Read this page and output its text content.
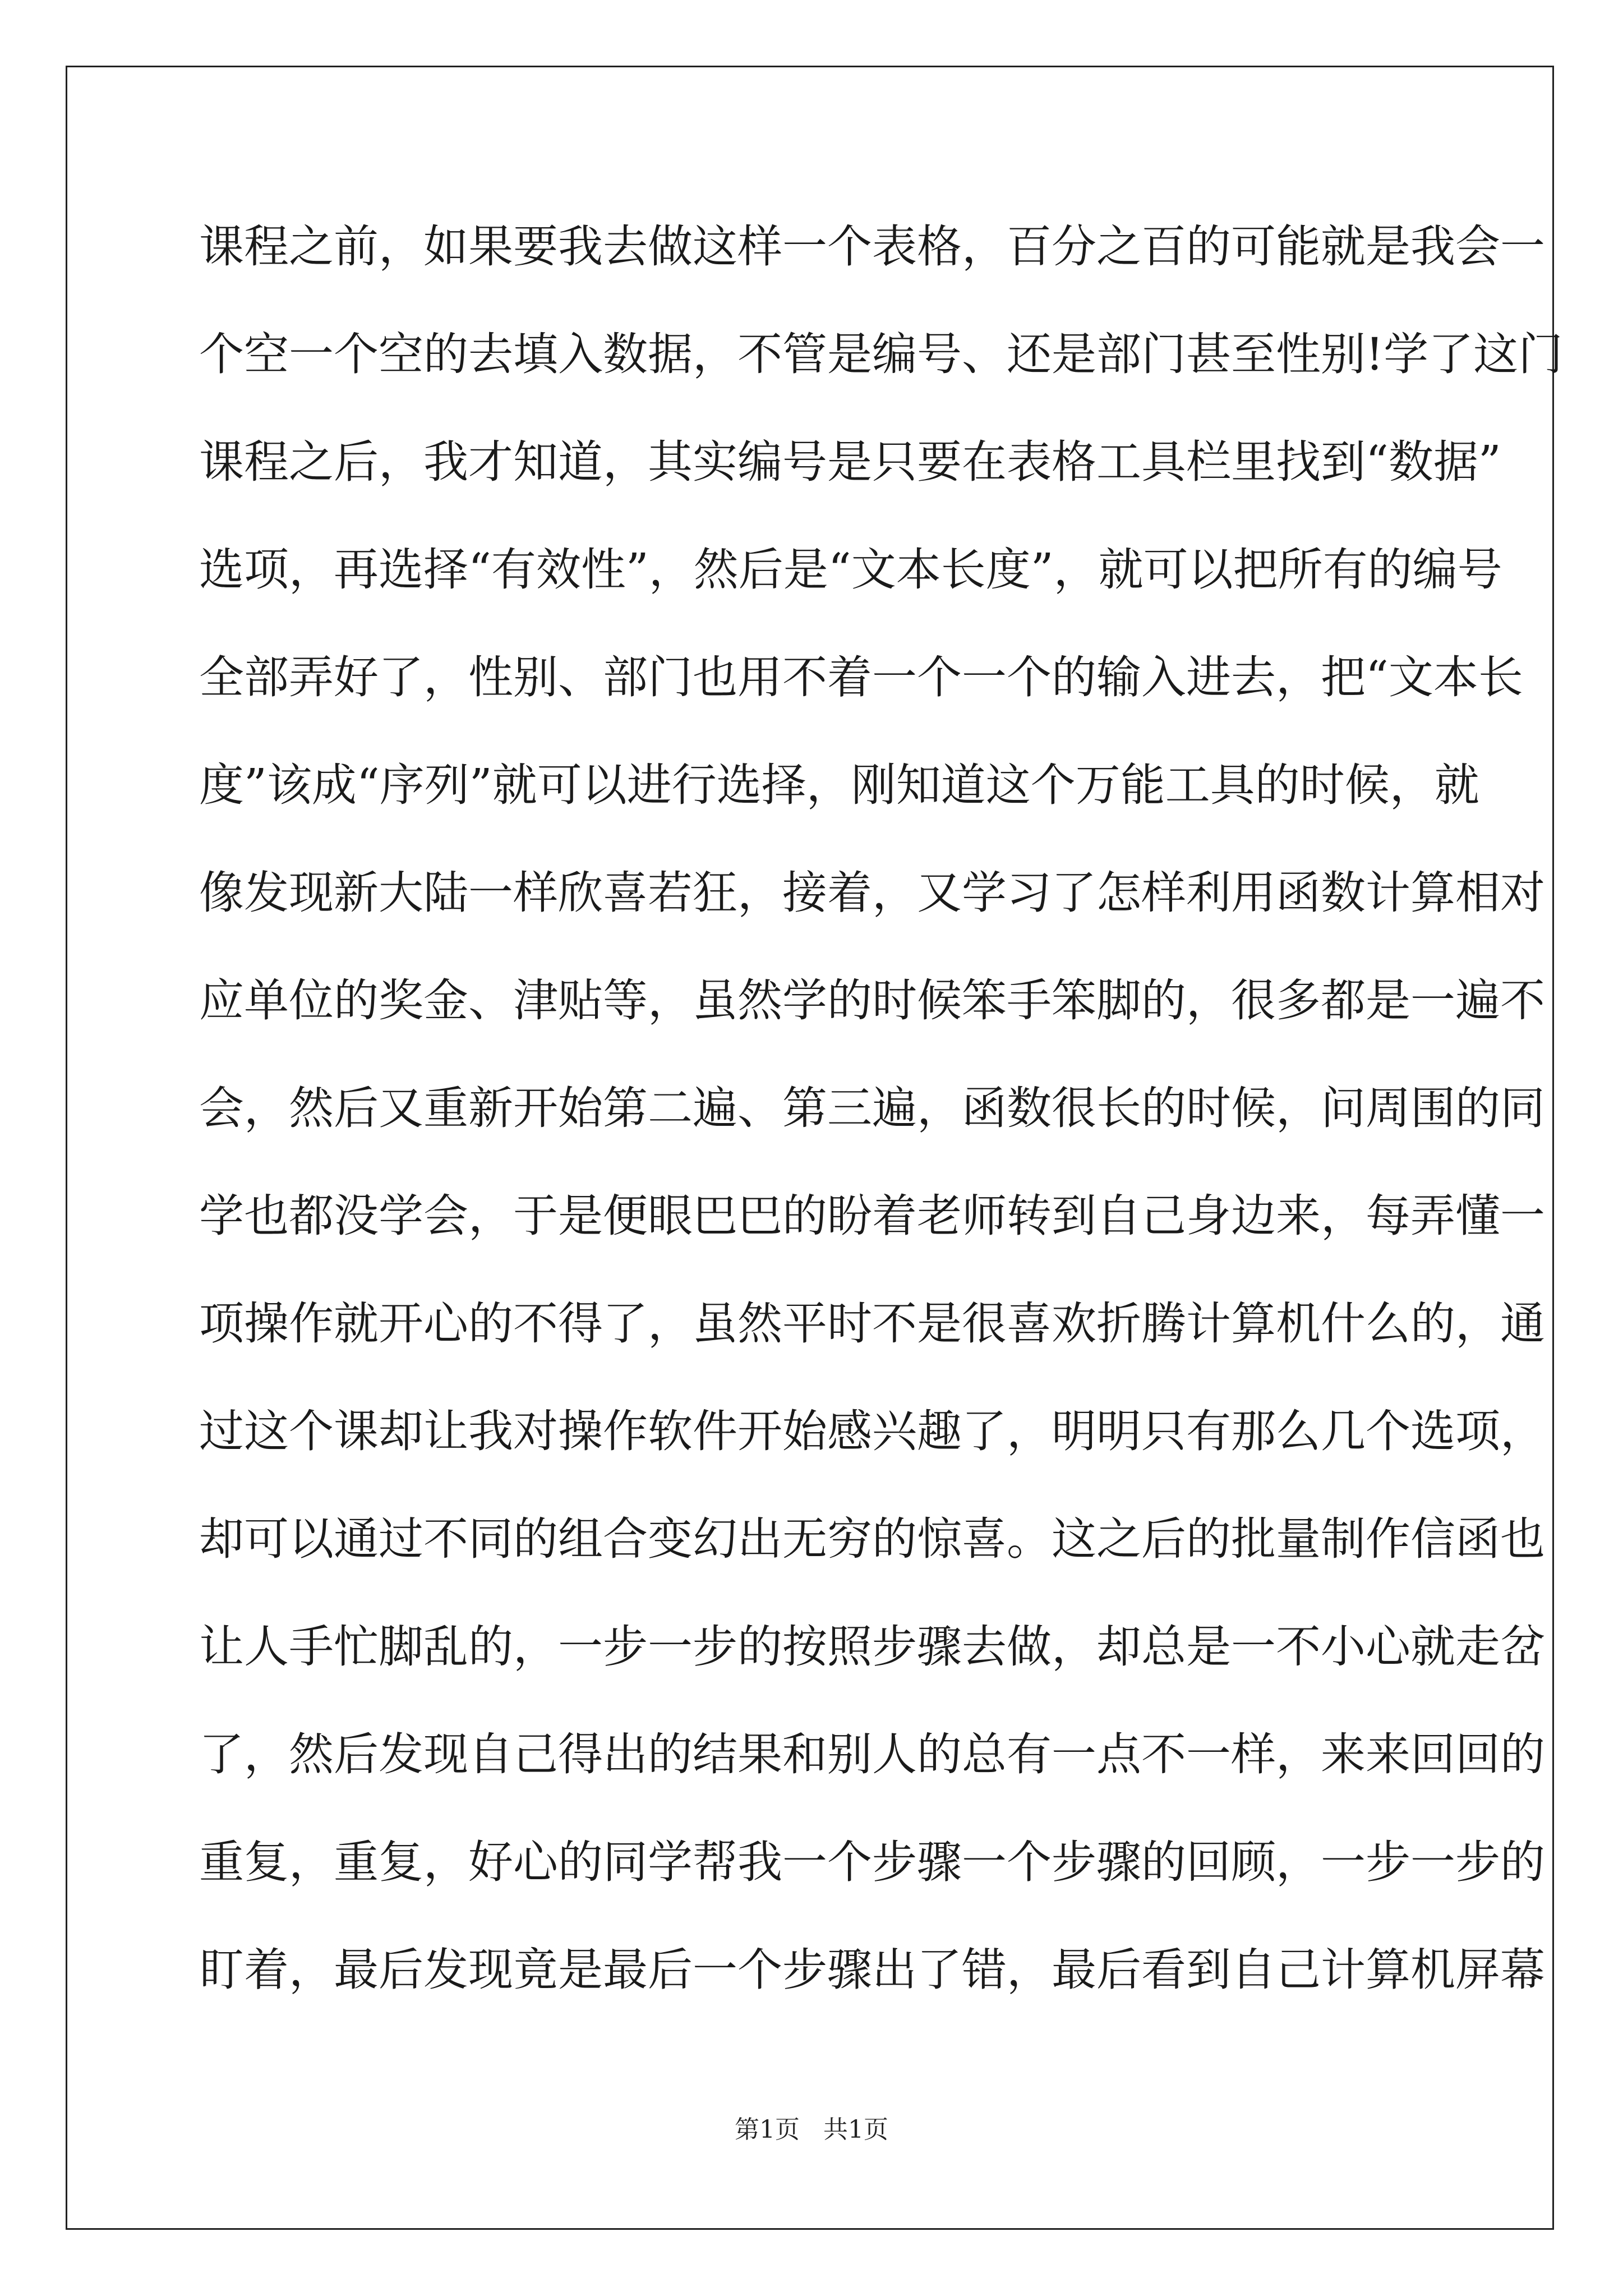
课程之前，如果要我去做这样一个表格，百分之百的可能就是我会一
个空一个空的去填入数据，不管是编号、还是部门甚至性别!学了这门
课程之后，我才知道，其实编号是只要在表格工具栏里找到“数据”
选项，再选择“有效性”，然后是“文本长度”，就可以把所有的编号
全部弄好了，性别、部门也用不着一个一个的输入进去，把“文本长
度”该成“序列”就可以进行选择，刚知道这个万能工具的时候，就
像发现新大陆一样欣喜若狂，接着，又学习了怎样利用函数计算相对
应单位的奖金、津贴等，虽然学的时候笨手笨脚的，很多都是一遍不
会，然后又重新开始第二遍、第三遍，函数很长的时候，问周围的同
学也都没学会，于是便眼巴巴的盼着老师转到自己身边来，每弄懂一
项操作就开心的不得了，虽然平时不是很喜欢折腾计算机什么的，通
过这个课却让我对操作软件开始感兴趣了，明明只有那么几个选项，
却可以通过不同的组合变幻出无穷的惊喜。这之后的批量制作信函也
让人手忙脚乱的，一步一步的按照步骤去做，却总是一不小心就走岔
了，然后发现自己得出的结果和别人的总有一点不一样，来来回回的
重复，重复，好心的同学帮我一个步骤一个步骤的回顾，一步一步的
盯着，最后发现竟是最后一个步骤出了错，最后看到自己计算机屏幕
第1页 共1页
